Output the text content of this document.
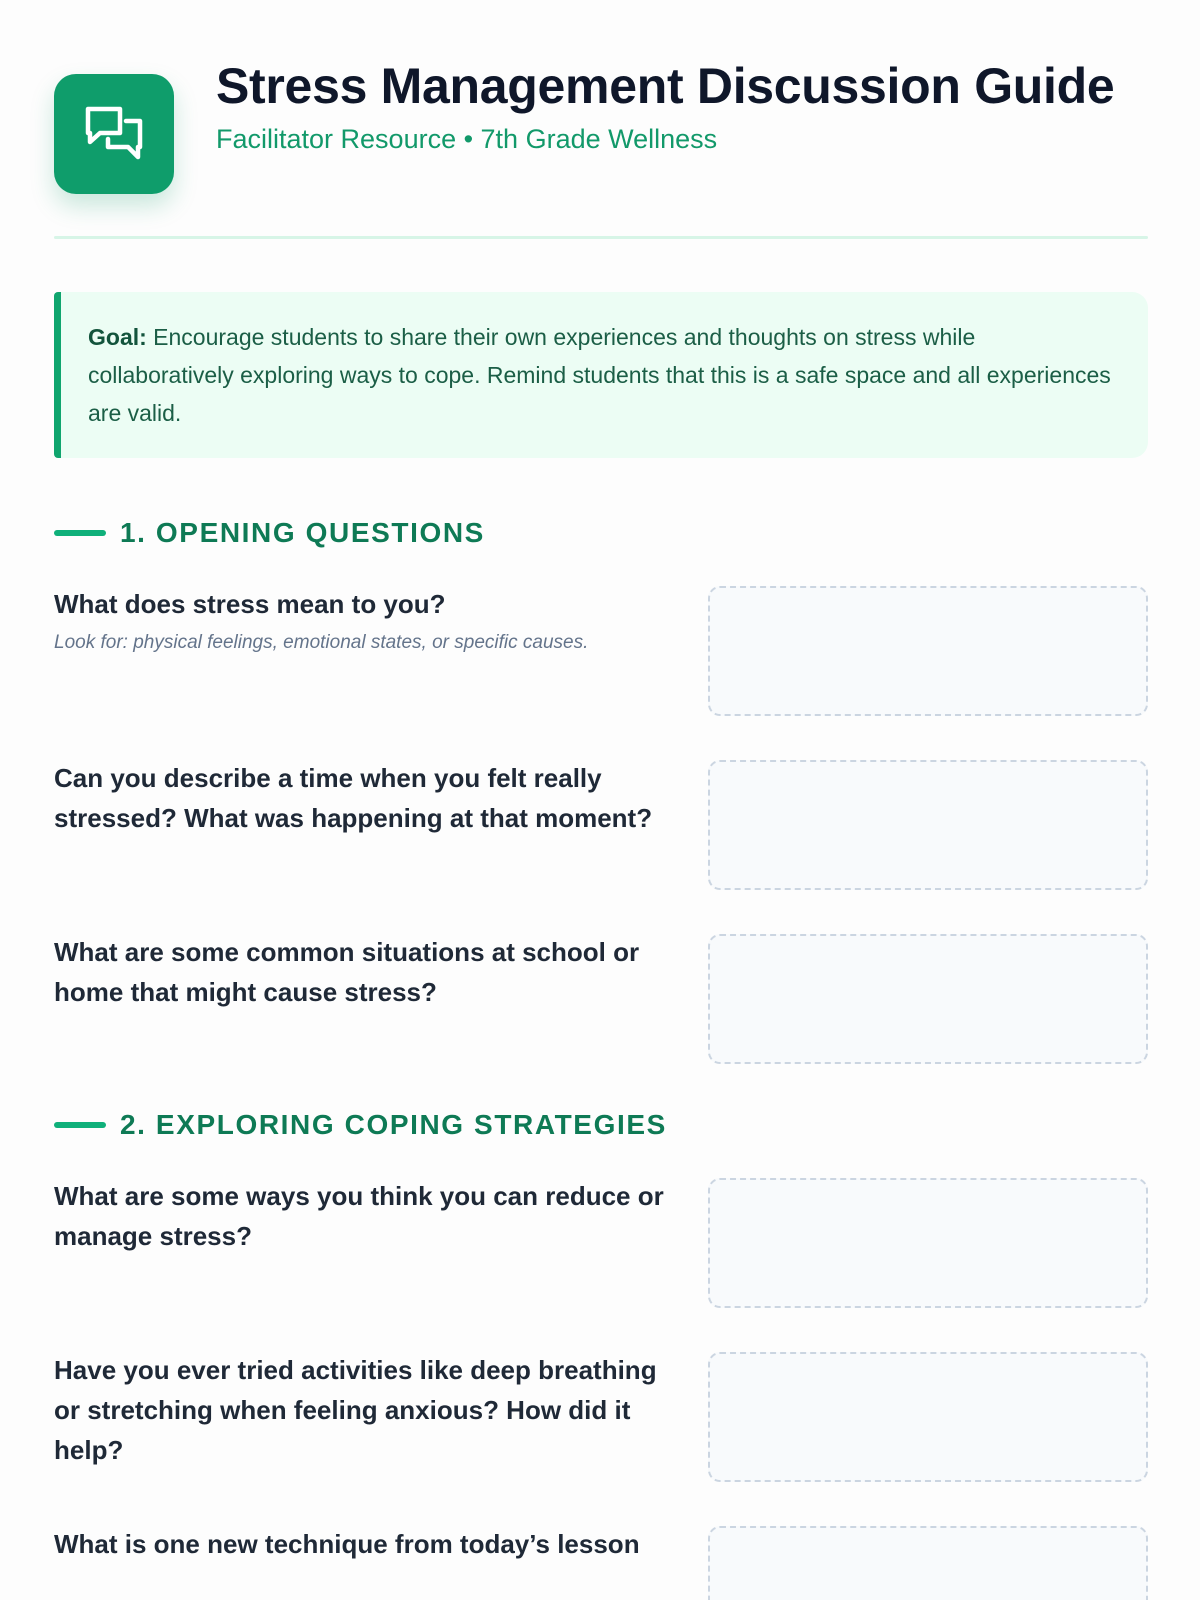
Stress Management Discussion Guide
Facilitator Resource • 7th Grade Wellness
Goal: Encourage students to share their own experiences and thoughts on stress while collaboratively exploring ways to cope. Remind students that this is a safe space and all experiences are valid.
1. OPENING QUESTIONS
What does stress mean to you?
Look for: physical feelings, emotional states, or specific causes.
Can you describe a time when you felt really stressed? What was happening at that moment?
What are some common situations at school or home that might cause stress?
2. EXPLORING COPING STRATEGIES
What are some ways you think you can reduce or manage stress?
Have you ever tried activities like deep breathing or stretching when feeling anxious? How did it help?
What is one new technique from today’s lesson
